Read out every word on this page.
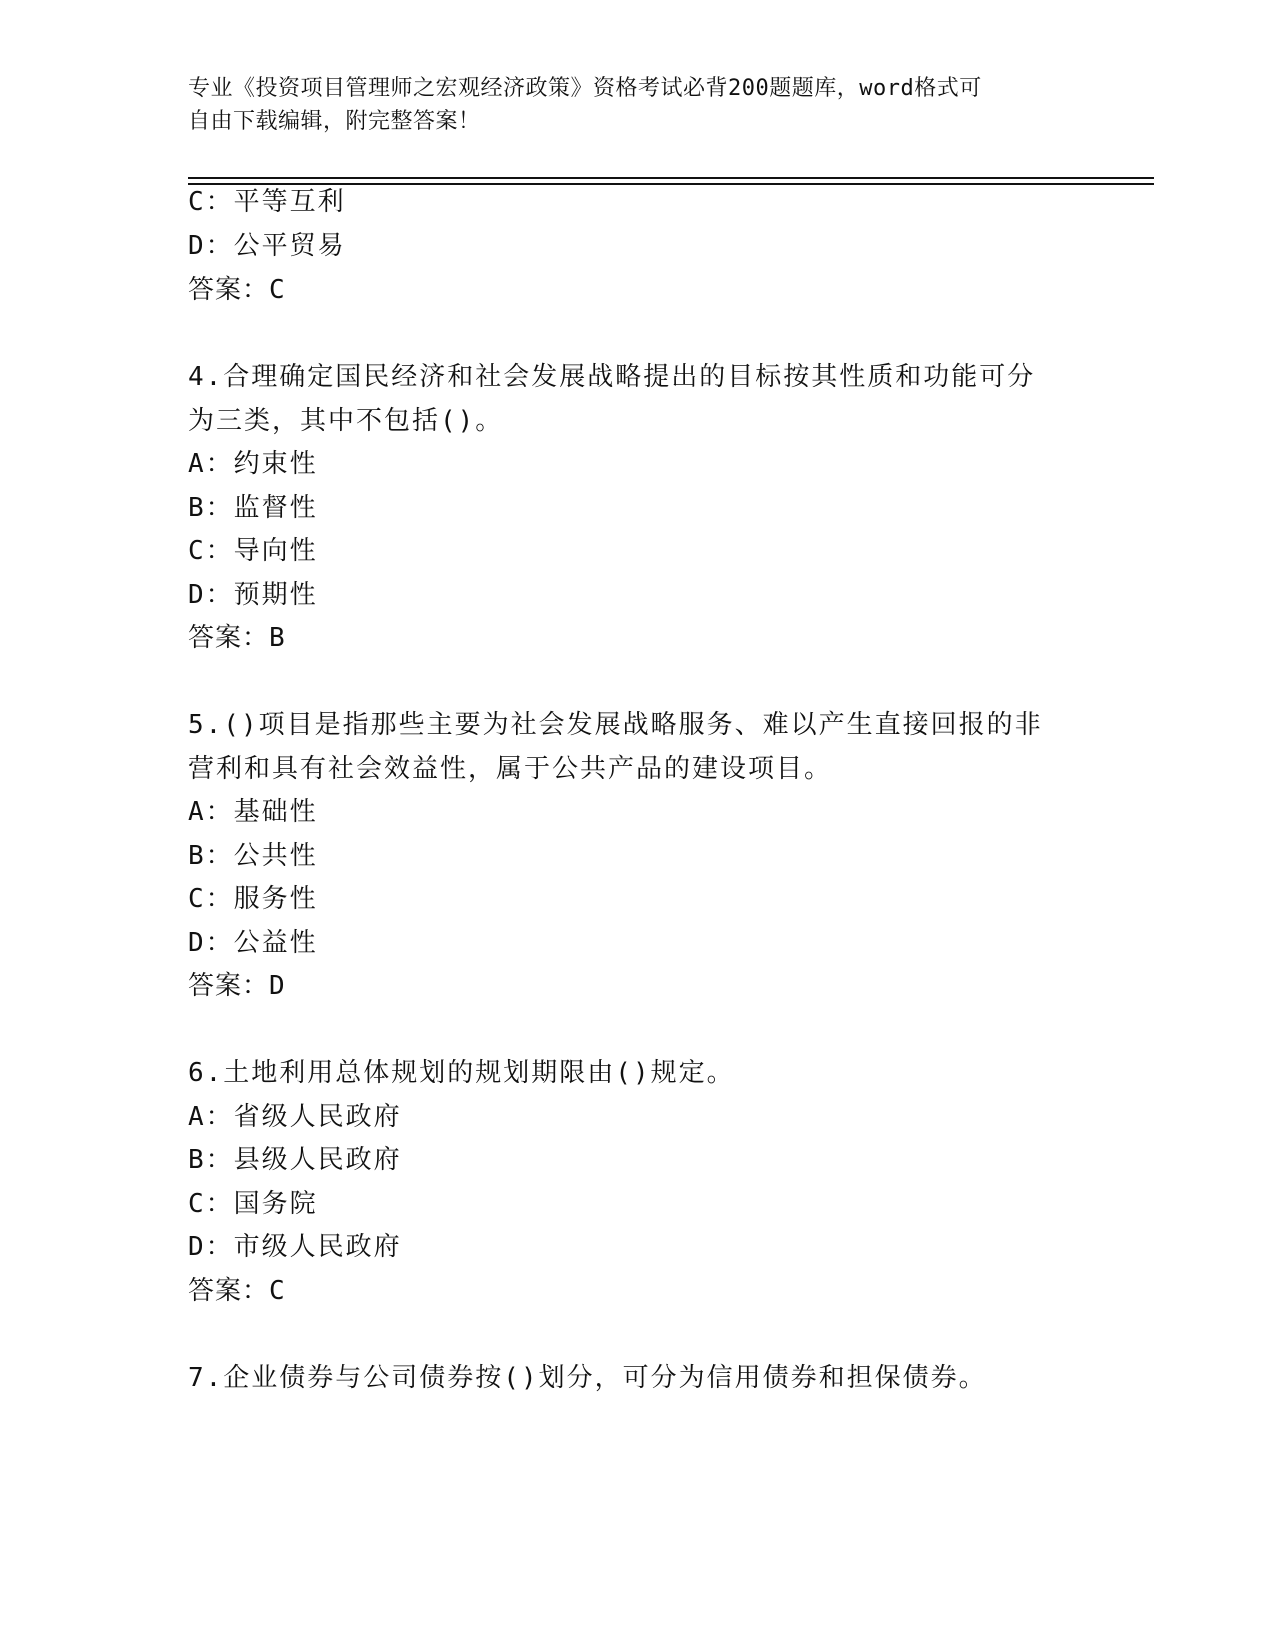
专业《投资项目管理师之宏观经济政策》资格考试必背200题题库，word格式可
自由下载编辑，附完整答案！
C：平等互利
D：公平贸易
答案：C
4.合理确定国民经济和社会发展战略提出的目标按其性质和功能可分
为三类，其中不包括()。
A：约束性
B：监督性
C：导向性
D：预期性
答案：B
5.()项目是指那些主要为社会发展战略服务、难以产生直接回报的非
营利和具有社会效益性，属于公共产品的建设项目。
A：基础性
B：公共性
C：服务性
D：公益性
答案：D
6.土地利用总体规划的规划期限由()规定。
A：省级人民政府
B：县级人民政府
C：国务院
D：市级人民政府
答案：C
7.企业债券与公司债券按()划分，可分为信用债券和担保债券。
